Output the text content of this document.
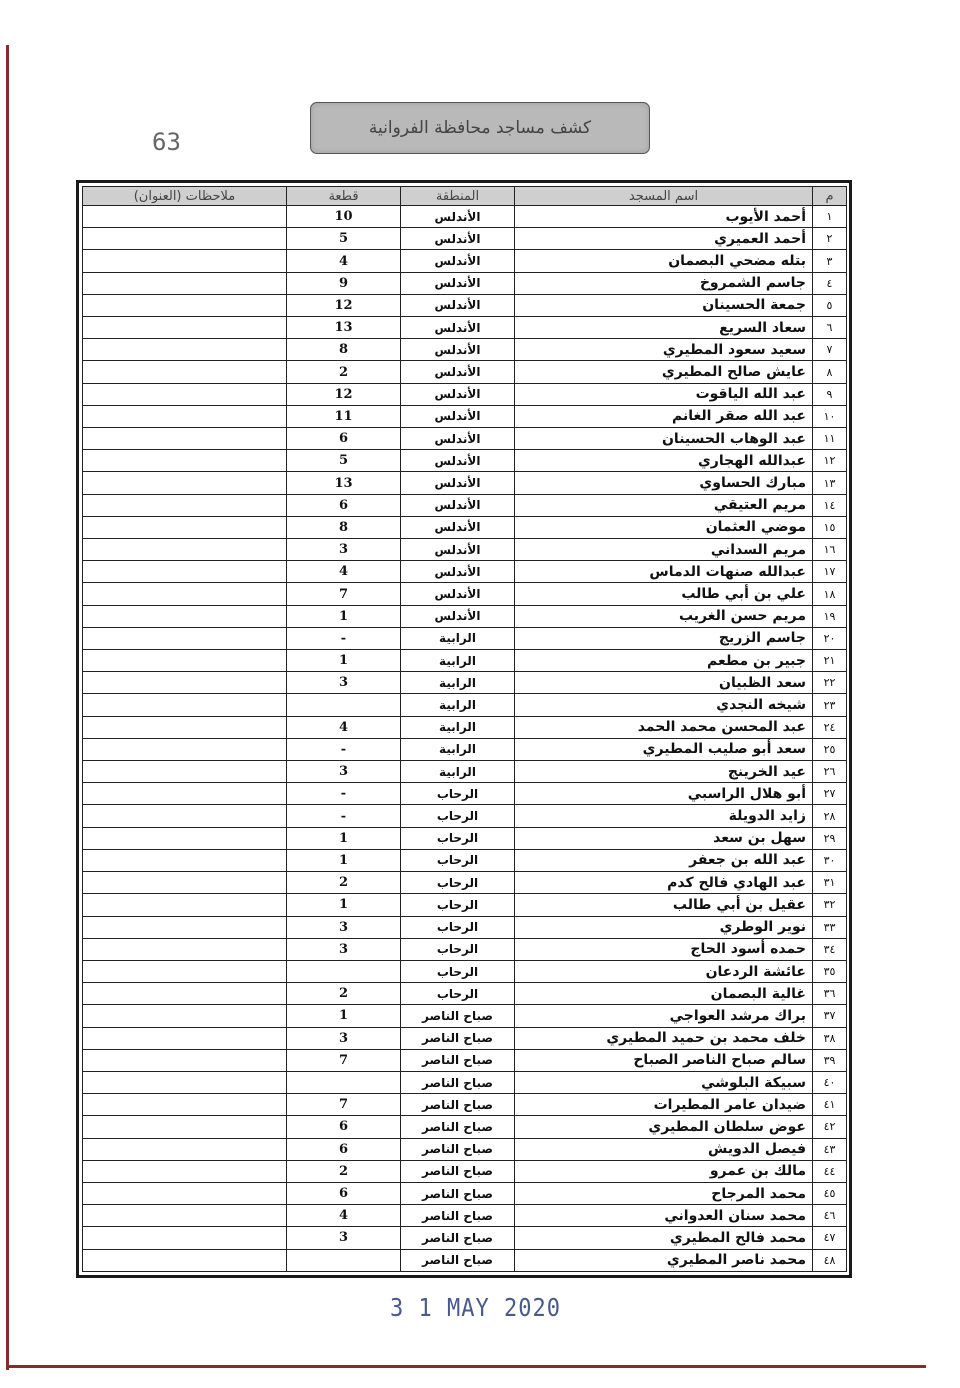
63	كشف مساجد محافظة الفروانية
م	اسم المسجد	المنطقة	قطعة	ملاحظات (العنوان)
١	أحمد الأيوب	الأندلس	10	
٢	أحمد العميري	الأندلس	5	
٣	بتله مضحي البصمان	الأندلس	4	
٤	جاسم الشمروخ	الأندلس	9	
٥	جمعة الحسينان	الأندلس	12	
٦	سعاد السريع	الأندلس	13	
٧	سعيد سعود المطيري	الأندلس	8	
٨	عايش صالح المطيري	الأندلس	2	
٩	عبد الله الياقوت	الأندلس	12	
١٠	عبد الله صقر الغانم	الأندلس	11	
١١	عبد الوهاب الحسينان	الأندلس	6	
١٢	عبدالله الهجاري	الأندلس	5	
١٣	مبارك الحساوي	الأندلس	13	
١٤	مريم العتيقي	الأندلس	6	
١٥	موضي العثمان	الأندلس	8	
١٦	مريم السداني	الأندلس	3	
١٧	عبدالله صنهات الدماس	الأندلس	4	
١٨	علي بن أبي طالب	الأندلس	7	
١٩	مريم حسن الغريب	الأندلس	1	
٢٠	جاسم الزريج	الرابية	-	
٢١	جبير بن مطعم	الرابية	1	
٢٢	سعد الظبيان	الرابية	3	
٢٣	شيخه النجدي	الرابية		
٢٤	عبد المحسن محمد الحمد	الرابية	4	
٢٥	سعد أبو صليب المطيري	الرابية	-	
٢٦	عيد الخرينج	الرابية	3	
٢٧	أبو هلال الراسبي	الرحاب	-	
٢٨	زايد الدويلة	الرحاب	-	
٢٩	سهل بن سعد	الرحاب	1	
٣٠	عبد الله بن جعفر	الرحاب	1	
٣١	عبد الهادي فالح كدم	الرحاب	2	
٣٢	عقيل بن أبي طالب	الرحاب	1	
٣٣	نوير الوطري	الرحاب	3	
٣٤	حمده أسود الحاج	الرحاب	3	
٣٥	عائشة الردعان	الرحاب		
٣٦	غالية البصمان	الرحاب	2	
٣٧	براك مرشد العواجي	صباح الناصر	1	
٣٨	خلف محمد بن حميد المطيري	صباح الناصر	3	
٣٩	سالم صباح الناصر الصباح	صباح الناصر	7	
٤٠	سبيكة البلوشي	صباح الناصر		
٤١	ضيدان عامر المطيرات	صباح الناصر	7	
٤٢	عوض سلطان المطيري	صباح الناصر	6	
٤٣	فيصل الدويش	صباح الناصر	6	
٤٤	مالك بن عمرو	صباح الناصر	2	
٤٥	محمد المرجاح	صباح الناصر	6	
٤٦	محمد سنان العدواني	صباح الناصر	4	
٤٧	محمد فالح المطيري	صباح الناصر	3	
٤٨	محمد ناصر المطيري	صباح الناصر		
3 1 MAY 2020
